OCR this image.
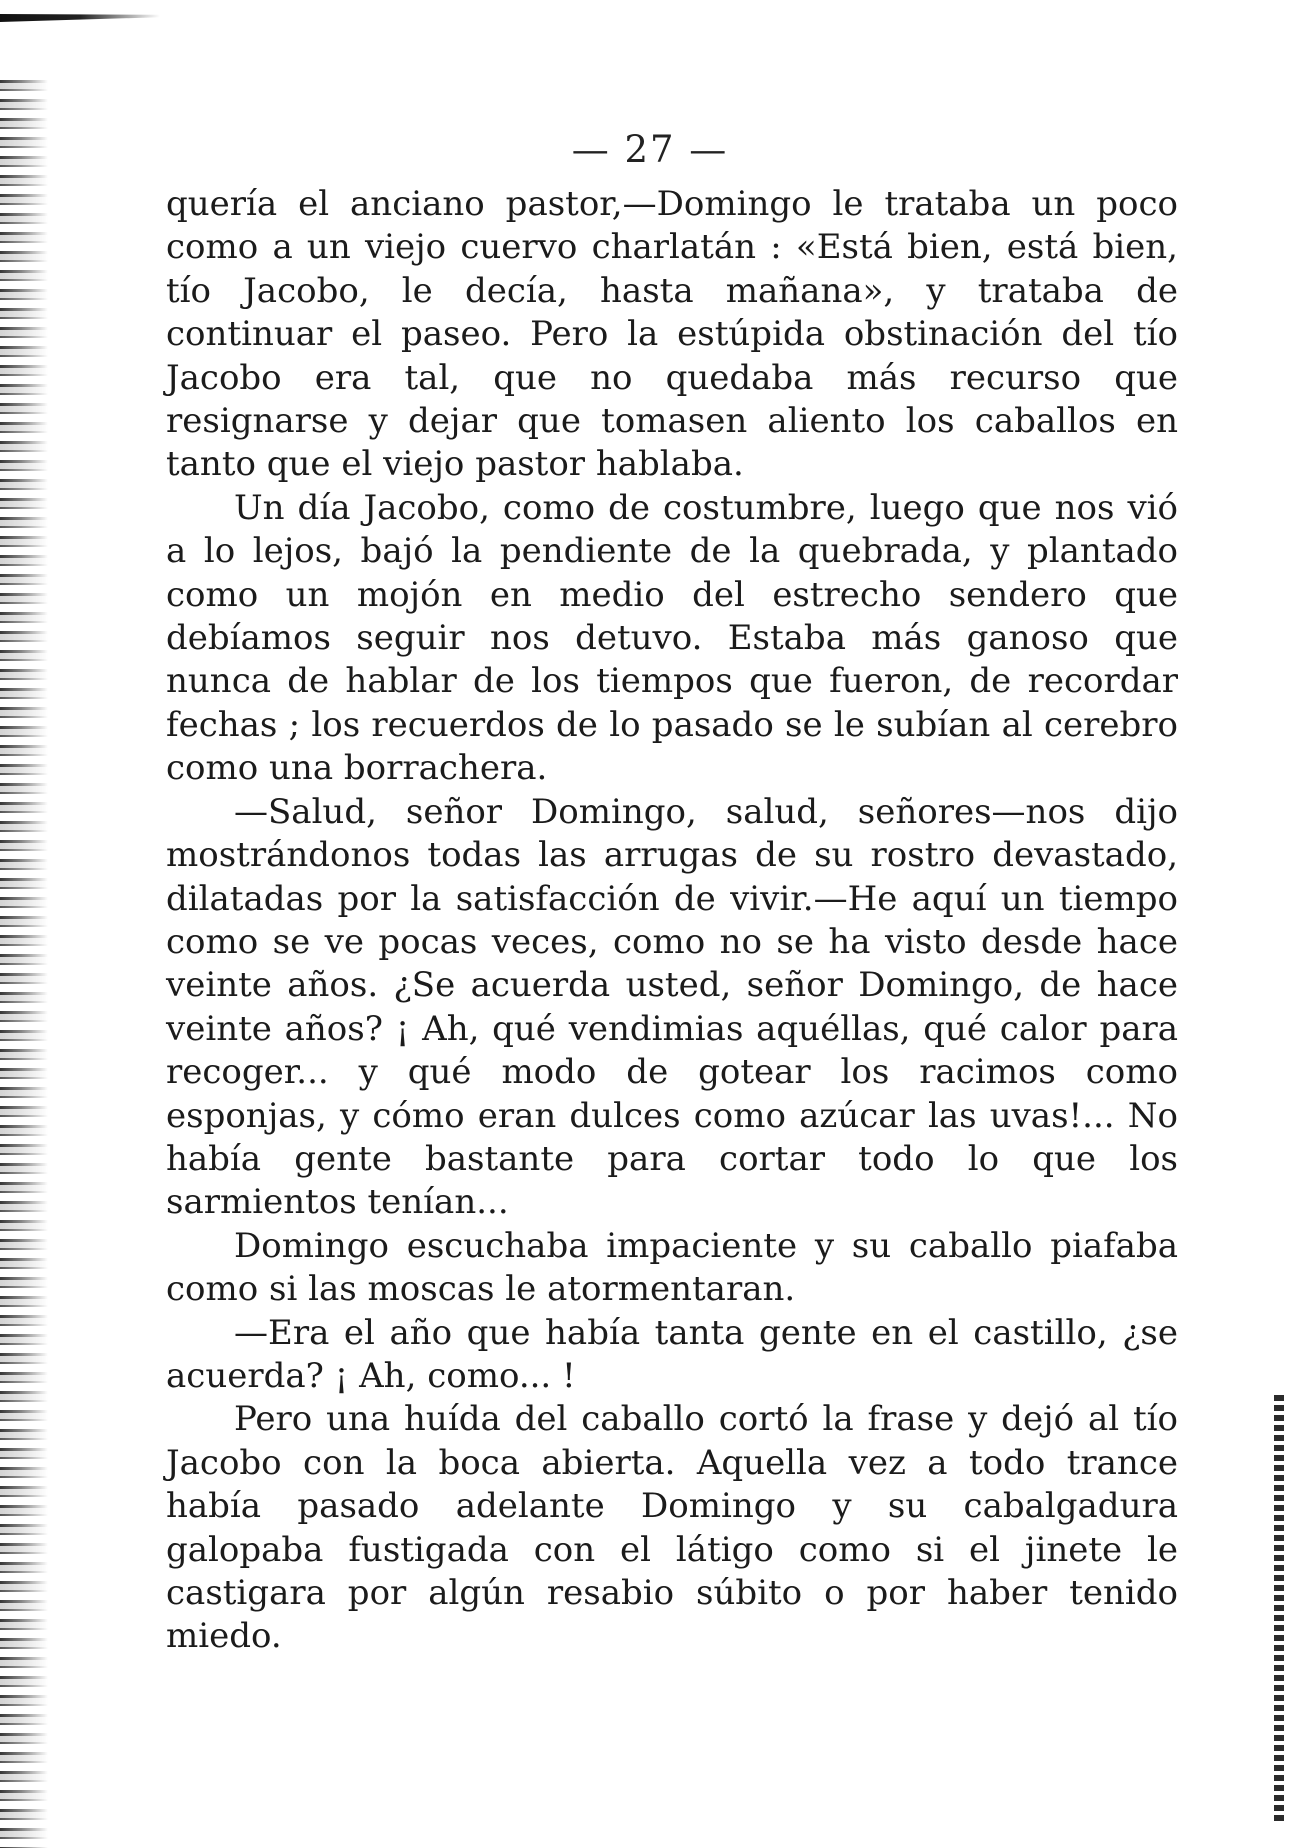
— 27 —

quería el anciano pastor,—Domingo le trataba un poco como a un viejo cuervo charlatán : «Está bien, está bien, tío Jacobo, le decía, hasta mañana», y trataba de continuar el paseo. Pero la estúpida obstinación del tío Jacobo era tal, que no quedaba más recurso que resignarse y dejar que tomasen aliento los caballos en tanto que el viejo pastor hablaba.

Un día Jacobo, como de costumbre, luego que nos vió a lo lejos, bajó la pendiente de la quebrada, y plantado como un mojón en medio del estrecho sendero que debíamos seguir nos detuvo. Estaba más ganoso que nunca de hablar de los tiempos que fueron, de recordar fechas ; los recuerdos de lo pasado se le subían al cerebro como una borrachera.

—Salud, señor Domingo, salud, señores—nos dijo mostrándonos todas las arrugas de su rostro devastado, dilatadas por la satisfacción de vivir.—He aquí un tiempo como se ve pocas veces, como no se ha visto desde hace veinte años. ¿Se acuerda usted, señor Domingo, de hace veinte años? ¡ Ah, qué vendimias aquéllas, qué calor para recoger... y qué modo de gotear los racimos como esponjas, y cómo eran dulces como azúcar las uvas!... No había gente bastante para cortar todo lo que los sarmientos tenían...

Domingo escuchaba impaciente y su caballo piafaba como si las moscas le atormentaran.

—Era el año que había tanta gente en el castillo, ¿se acuerda? ¡ Ah, como... !

Pero una huída del caballo cortó la frase y dejó al tío Jacobo con la boca abierta. Aquella vez a todo trance había pasado adelante Domingo y su cabalgadura galopaba fustigada con el látigo como si el jinete le castigara por algún resabio súbito o por haber tenido miedo.
